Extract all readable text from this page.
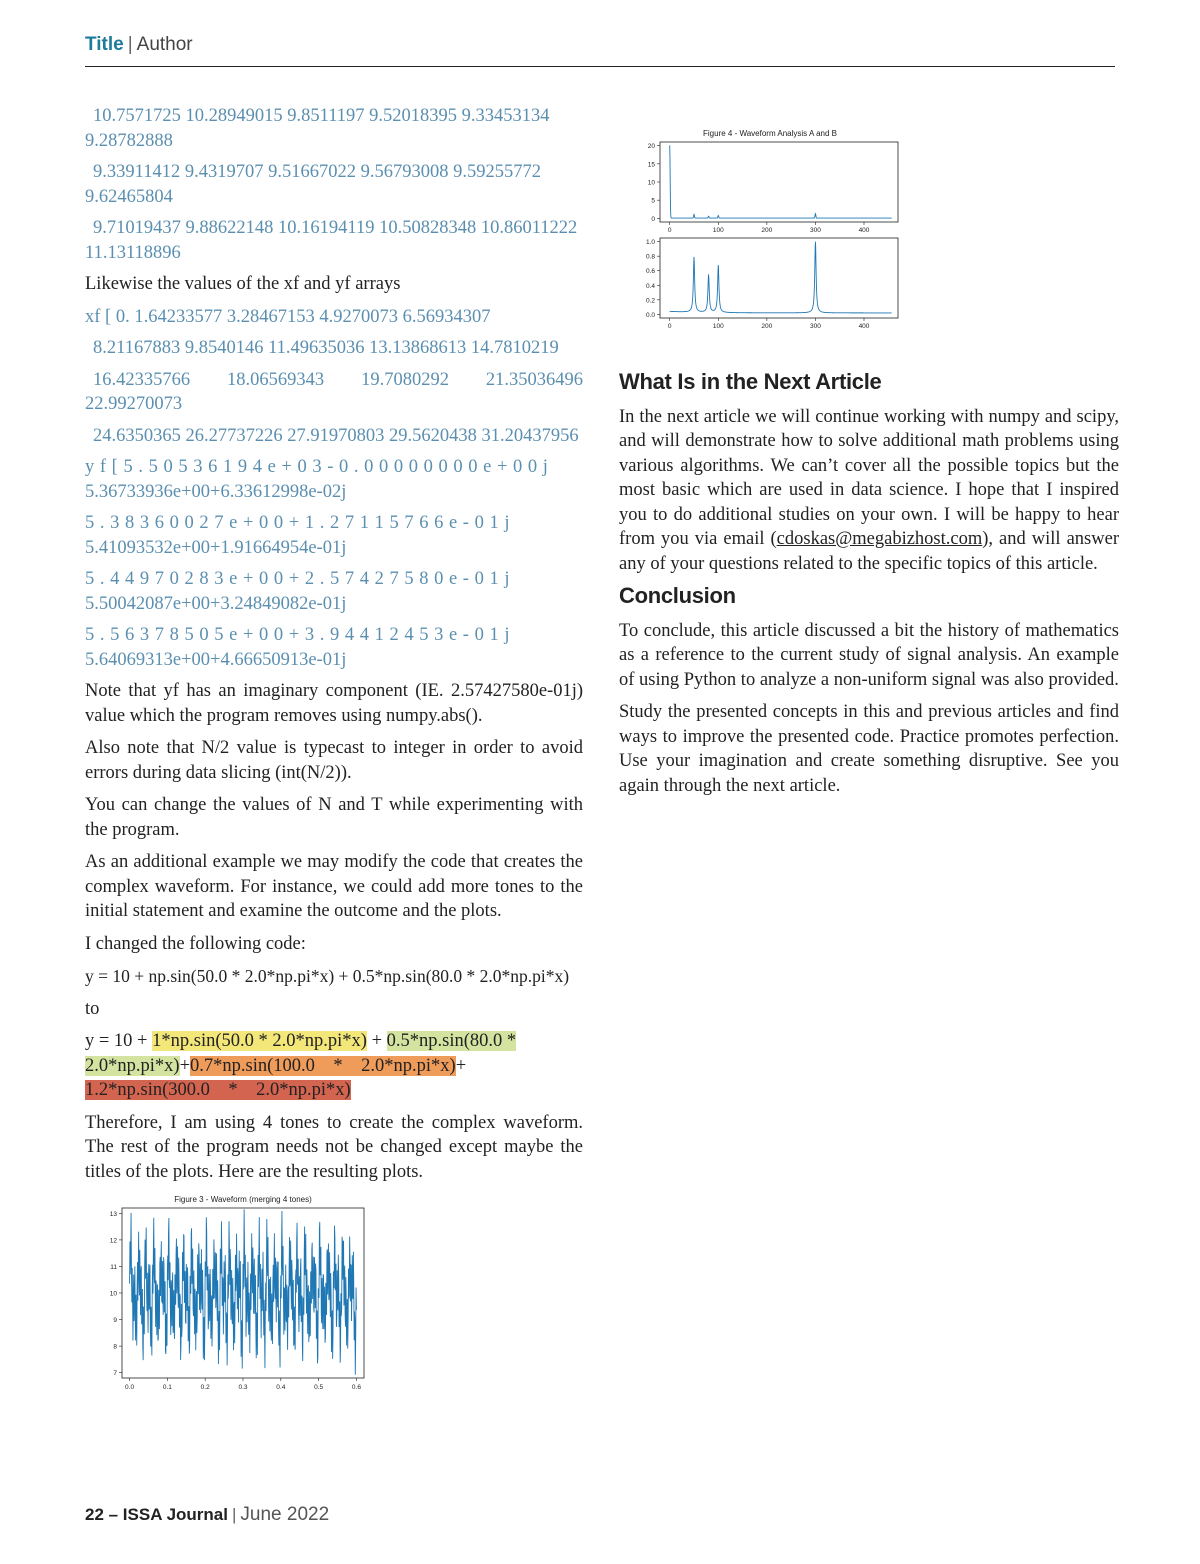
Title | Author
10.7571725 10.28949015 9.8511197 9.52018395 9.33453134
9.28782888
9.33911412 9.4319707 9.51667022 9.56793008 9.59255772
9.62465804
9.71019437 9.88622148 10.16194119 10.50828348 10.86011222
11.13118896
Likewise the values of the xf and yf arrays
xf [ 0. 1.64233577 3.28467153 4.9270073 6.56934307
8.21167883 9.8540146 11.49635036 13.13868613 14.7810219
16.42335766 18.06569343 19.7080292 21.35036496 22.99270073
24.6350365 26.27737226 27.91970803 29.5620438 31.20437956
y f [ 5 . 5 0 5 3 6 1 9 4 e + 0 3 - 0 . 0 0 0 0 0 0 0 0 e + 0 0 j
5.36733936e+00+6.33612998e-02j
5 . 3 8 3 6 0 0 2 7 e + 0 0 + 1 . 2 7 1 1 5 7 6 6 e - 0 1 j
5.41093532e+00+1.91664954e-01j
5 . 4 4 9 7 0 2 8 3 e + 0 0 + 2 . 5 7 4 2 7 5 8 0 e - 0 1 j
5.50042087e+00+3.24849082e-01j
5 . 5 6 3 7 8 5 0 5 e + 0 0 + 3 . 9 4 4 1 2 4 5 3 e - 0 1 j
5.64069313e+00+4.66650913e-01j
Note that yf has an imaginary component (IE. 2.57427580e-01j) value which the program removes using numpy.abs().
Also note that N/2 value is typecast to integer in order to avoid errors during data slicing (int(N/2)).
You can change the values of N and T while experimenting with the program.
As an additional example we may modify the code that creates the complex waveform. For instance, we could add more tones to the initial statement and examine the outcome and the plots.
I changed the following code:
y = 10 + np.sin(50.0 * 2.0*np.pi*x) + 0.5*np.sin(80.0 * 2.0*np.pi*x)
to
y = 10 + 1*np.sin(50.0 * 2.0*np.pi*x) + 0.5*np.sin(80.0 * 2.0*np.pi*x)+0.7*np.sin(100.0    *    2.0*np.pi*x)+      1.2*np.sin(300.0    *    2.0*np.pi*x)
Therefore, I am using 4 tones to create the complex waveform. The rest of the program needs not be changed except maybe the titles of the plots. Here are the resulting plots.
Figure 3 - Waveform (merging 4 tones)
0.0	0.1	0.2	0.3	0.4	0.5	0.6
7
8
9
10
11
12
13
Figure 4 - Waveform Analysis A and B
0	100	200	300	400
0
5
10
15
20
0	100	200	300	400
0.0
0.2
0.4
0.6
0.8
1.0
What Is in the Next Article
In the next article we will continue working with numpy and scipy, and will demonstrate how to solve additional math problems using various algorithms. We can’t cover all the possible topics but the most basic which are used in data science. I hope that I inspired you to do additional studies on your own. I will be happy to hear from you via email (cdoskas@megabizhost.com), and will answer any of your questions related to the specific topics of this article.
Conclusion
To conclude, this article discussed a bit the history of mathematics as a reference to the current study of signal analysis. An example of using Python to analyze a non-uniform signal was also provided.
Study the presented concepts in this and previous articles and find ways to improve the presented code. Practice promotes perfection. Use your imagination and create something disruptive. See you again through the next article.
22 – ISSA Journal | June 2022
